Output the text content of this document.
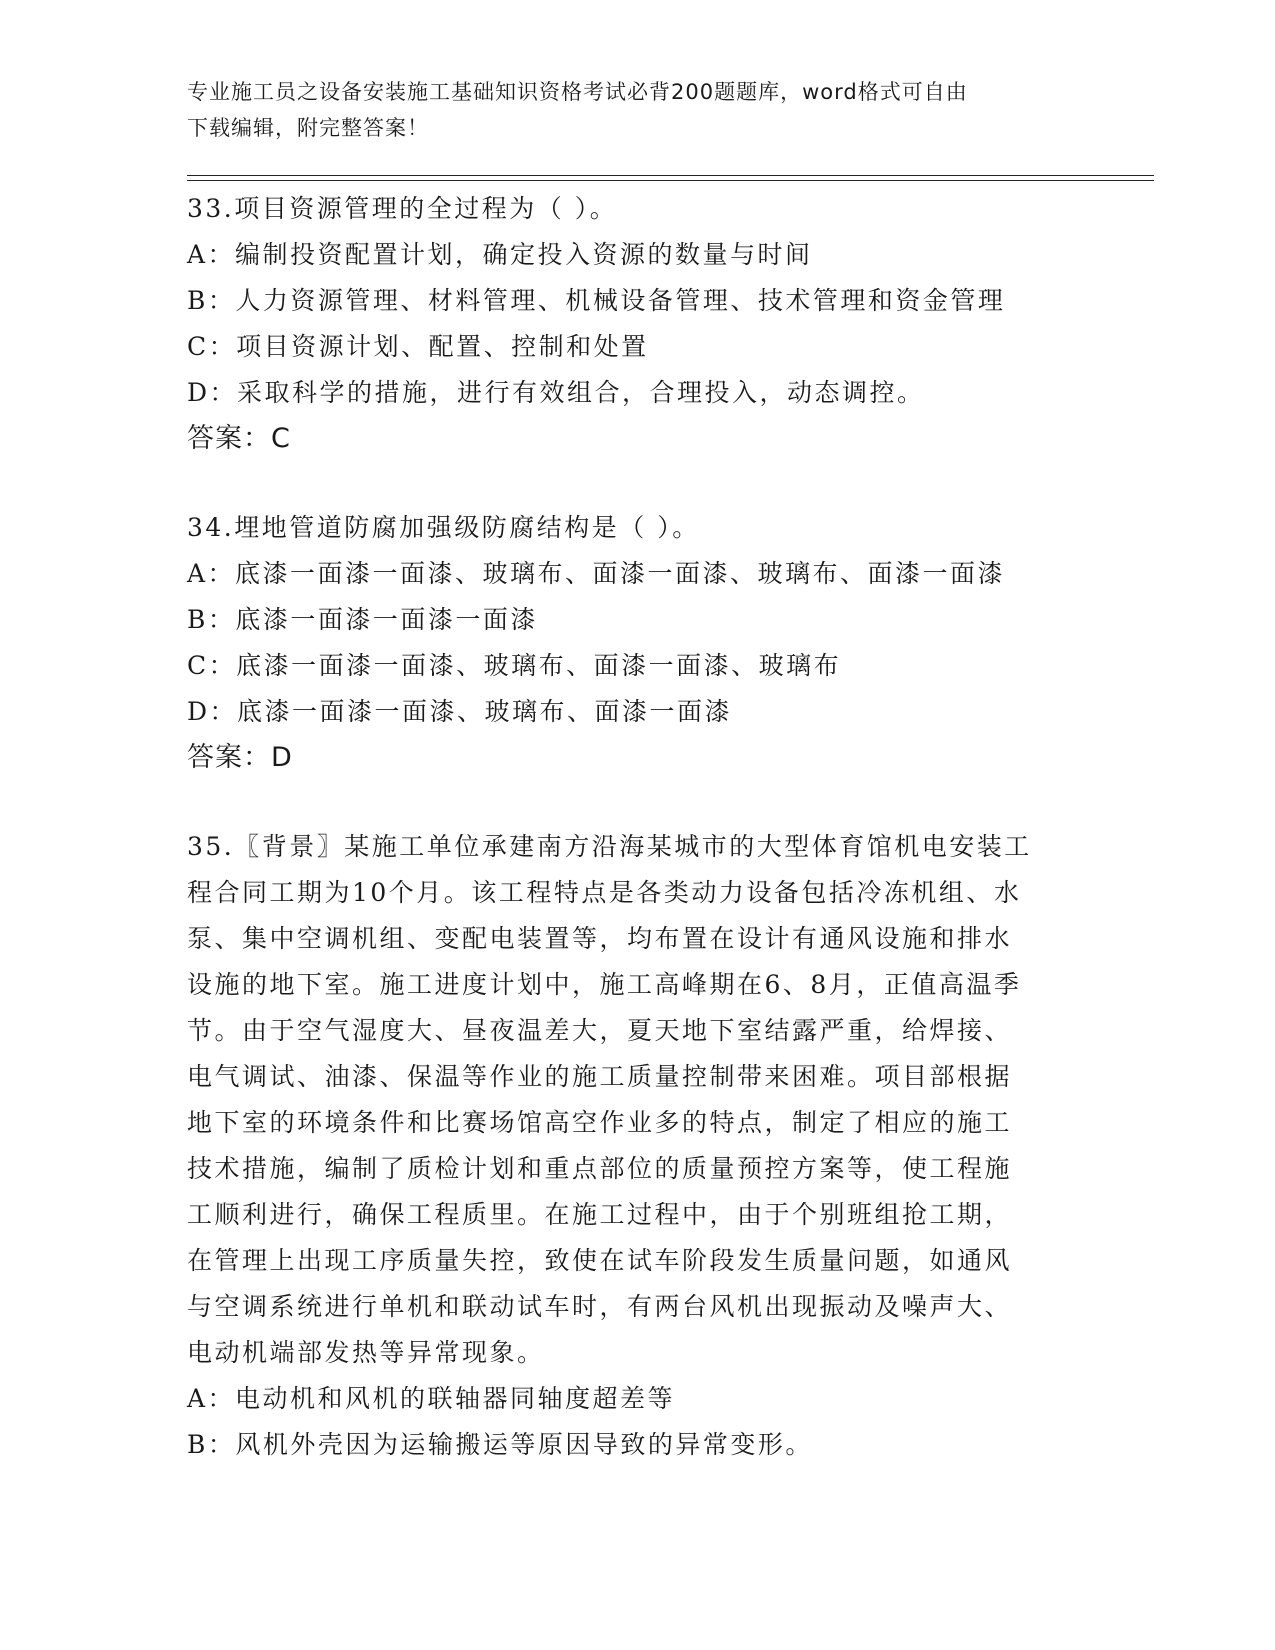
专业施工员之设备安装施工基础知识资格考试必背200题题库，word格式可自由

下载编辑，附完整答案！

33.项目资源管理的全过程为（ ）。
A：编制投资配置计划，确定投入资源的数量与时间
B：人力资源管理、材料管理、机械设备管理、技术管理和资金管理
C：项目资源计划、配置、控制和处置
D：采取科学的措施，进行有效组合，合理投入，动态调控。
答案：C
34.埋地管道防腐加强级防腐结构是（ ）。
A：底漆一面漆一面漆、玻璃布、面漆一面漆、玻璃布、面漆一面漆
B：底漆一面漆一面漆一面漆
C：底漆一面漆一面漆、玻璃布、面漆一面漆、玻璃布
D：底漆一面漆一面漆、玻璃布、面漆一面漆
答案：D
35.〖背景〗某施工单位承建南方沿海某城市的大型体育馆机电安装工
程合同工期为10个月。该工程特点是各类动力设备包括冷冻机组、水
泵、集中空调机组、变配电装置等，均布置在设计有通风设施和排水
设施的地下室。施工进度计划中，施工高峰期在6、8月，正值高温季
节。由于空气湿度大、昼夜温差大，夏天地下室结露严重，给焊接、
电气调试、油漆、保温等作业的施工质量控制带来困难。项目部根据
地下室的环境条件和比赛场馆高空作业多的特点，制定了相应的施工
技术措施，编制了质检计划和重点部位的质量预控方案等，使工程施
工顺利进行，确保工程质里。在施工过程中，由于个别班组抢工期，
在管理上出现工序质量失控，致使在试车阶段发生质量问题，如通风
与空调系统进行单机和联动试车时，有两台风机出现振动及噪声大、
电动机端部发热等异常现象。
A：电动机和风机的联轴器同轴度超差等
B：风机外壳因为运输搬运等原因导致的异常变形。
